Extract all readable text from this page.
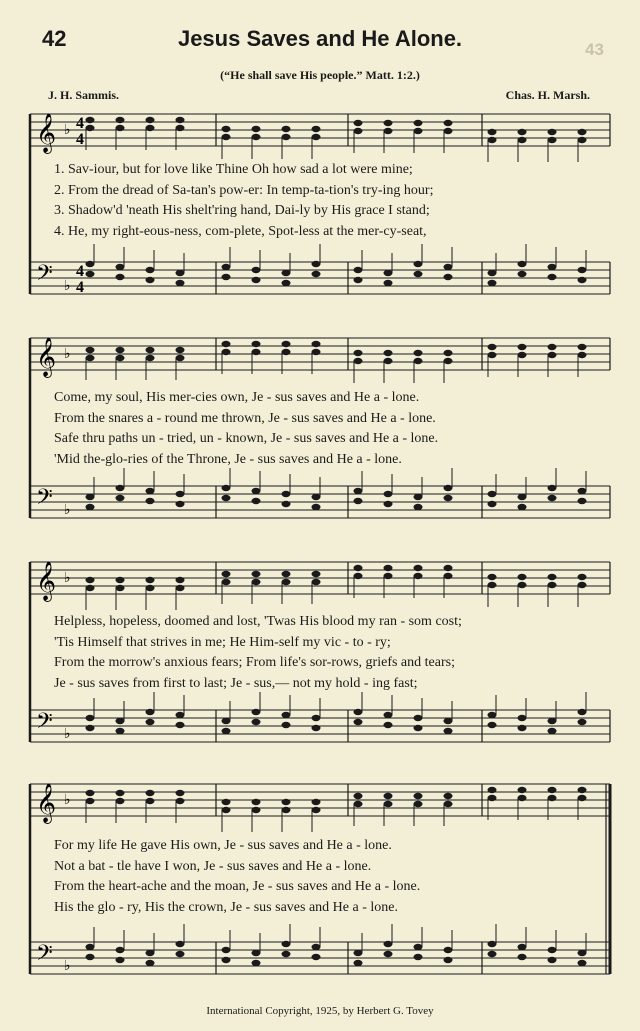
43
42	Jesus Saves and He Alone.
(“He shall save His people.” Matt. 1:2.)
J. H. Sammis.	Chas. H. Marsh.
𝄞
𝄢
♭
♭
4
4
4
4
1. Sav-iour, but for love like Thine Oh how sad a lot were mine;
2. From the dread of Sa-tan's pow-er: In temp-ta-tion's try-ing hour;
3. Shadow'd 'neath His shelt'ring hand, Dai-ly by His grace I stand;
4. He, my right-eous-ness, com-plete, Spot-less at the mer-cy-seat,
𝄞
𝄢
♭
♭
Come, my soul, His mer-cies own, Je - sus saves and He a - lone.
From the snares a - round me thrown, Je - sus saves and He a - lone.
Safe thru paths un - tried, un - known, Je - sus saves and He a - lone.
'Mid the-glo-ries of the Throne, Je - sus saves and He a - lone.
𝄞
𝄢
♭
♭
Helpless, hopeless, doomed and lost, 'Twas His blood my ran - som cost;
'Tis Himself that strives in me; He Him-self my vic - to - ry;
From the morrow's anxious fears; From life's sor-rows, griefs and tears;
Je - sus saves from first to last; Je - sus,— not my hold - ing fast;
𝄞
𝄢
♭
♭
For my life He gave His own, Je - sus saves and He a - lone.
Not a bat - tle have I won, Je - sus saves and He a - lone.
From the heart-ache and the moan, Je - sus saves and He a - lone.
His the glo - ry, His the crown, Je - sus saves and He a - lone.
International Copyright, 1925, by Herbert G. Tovey
